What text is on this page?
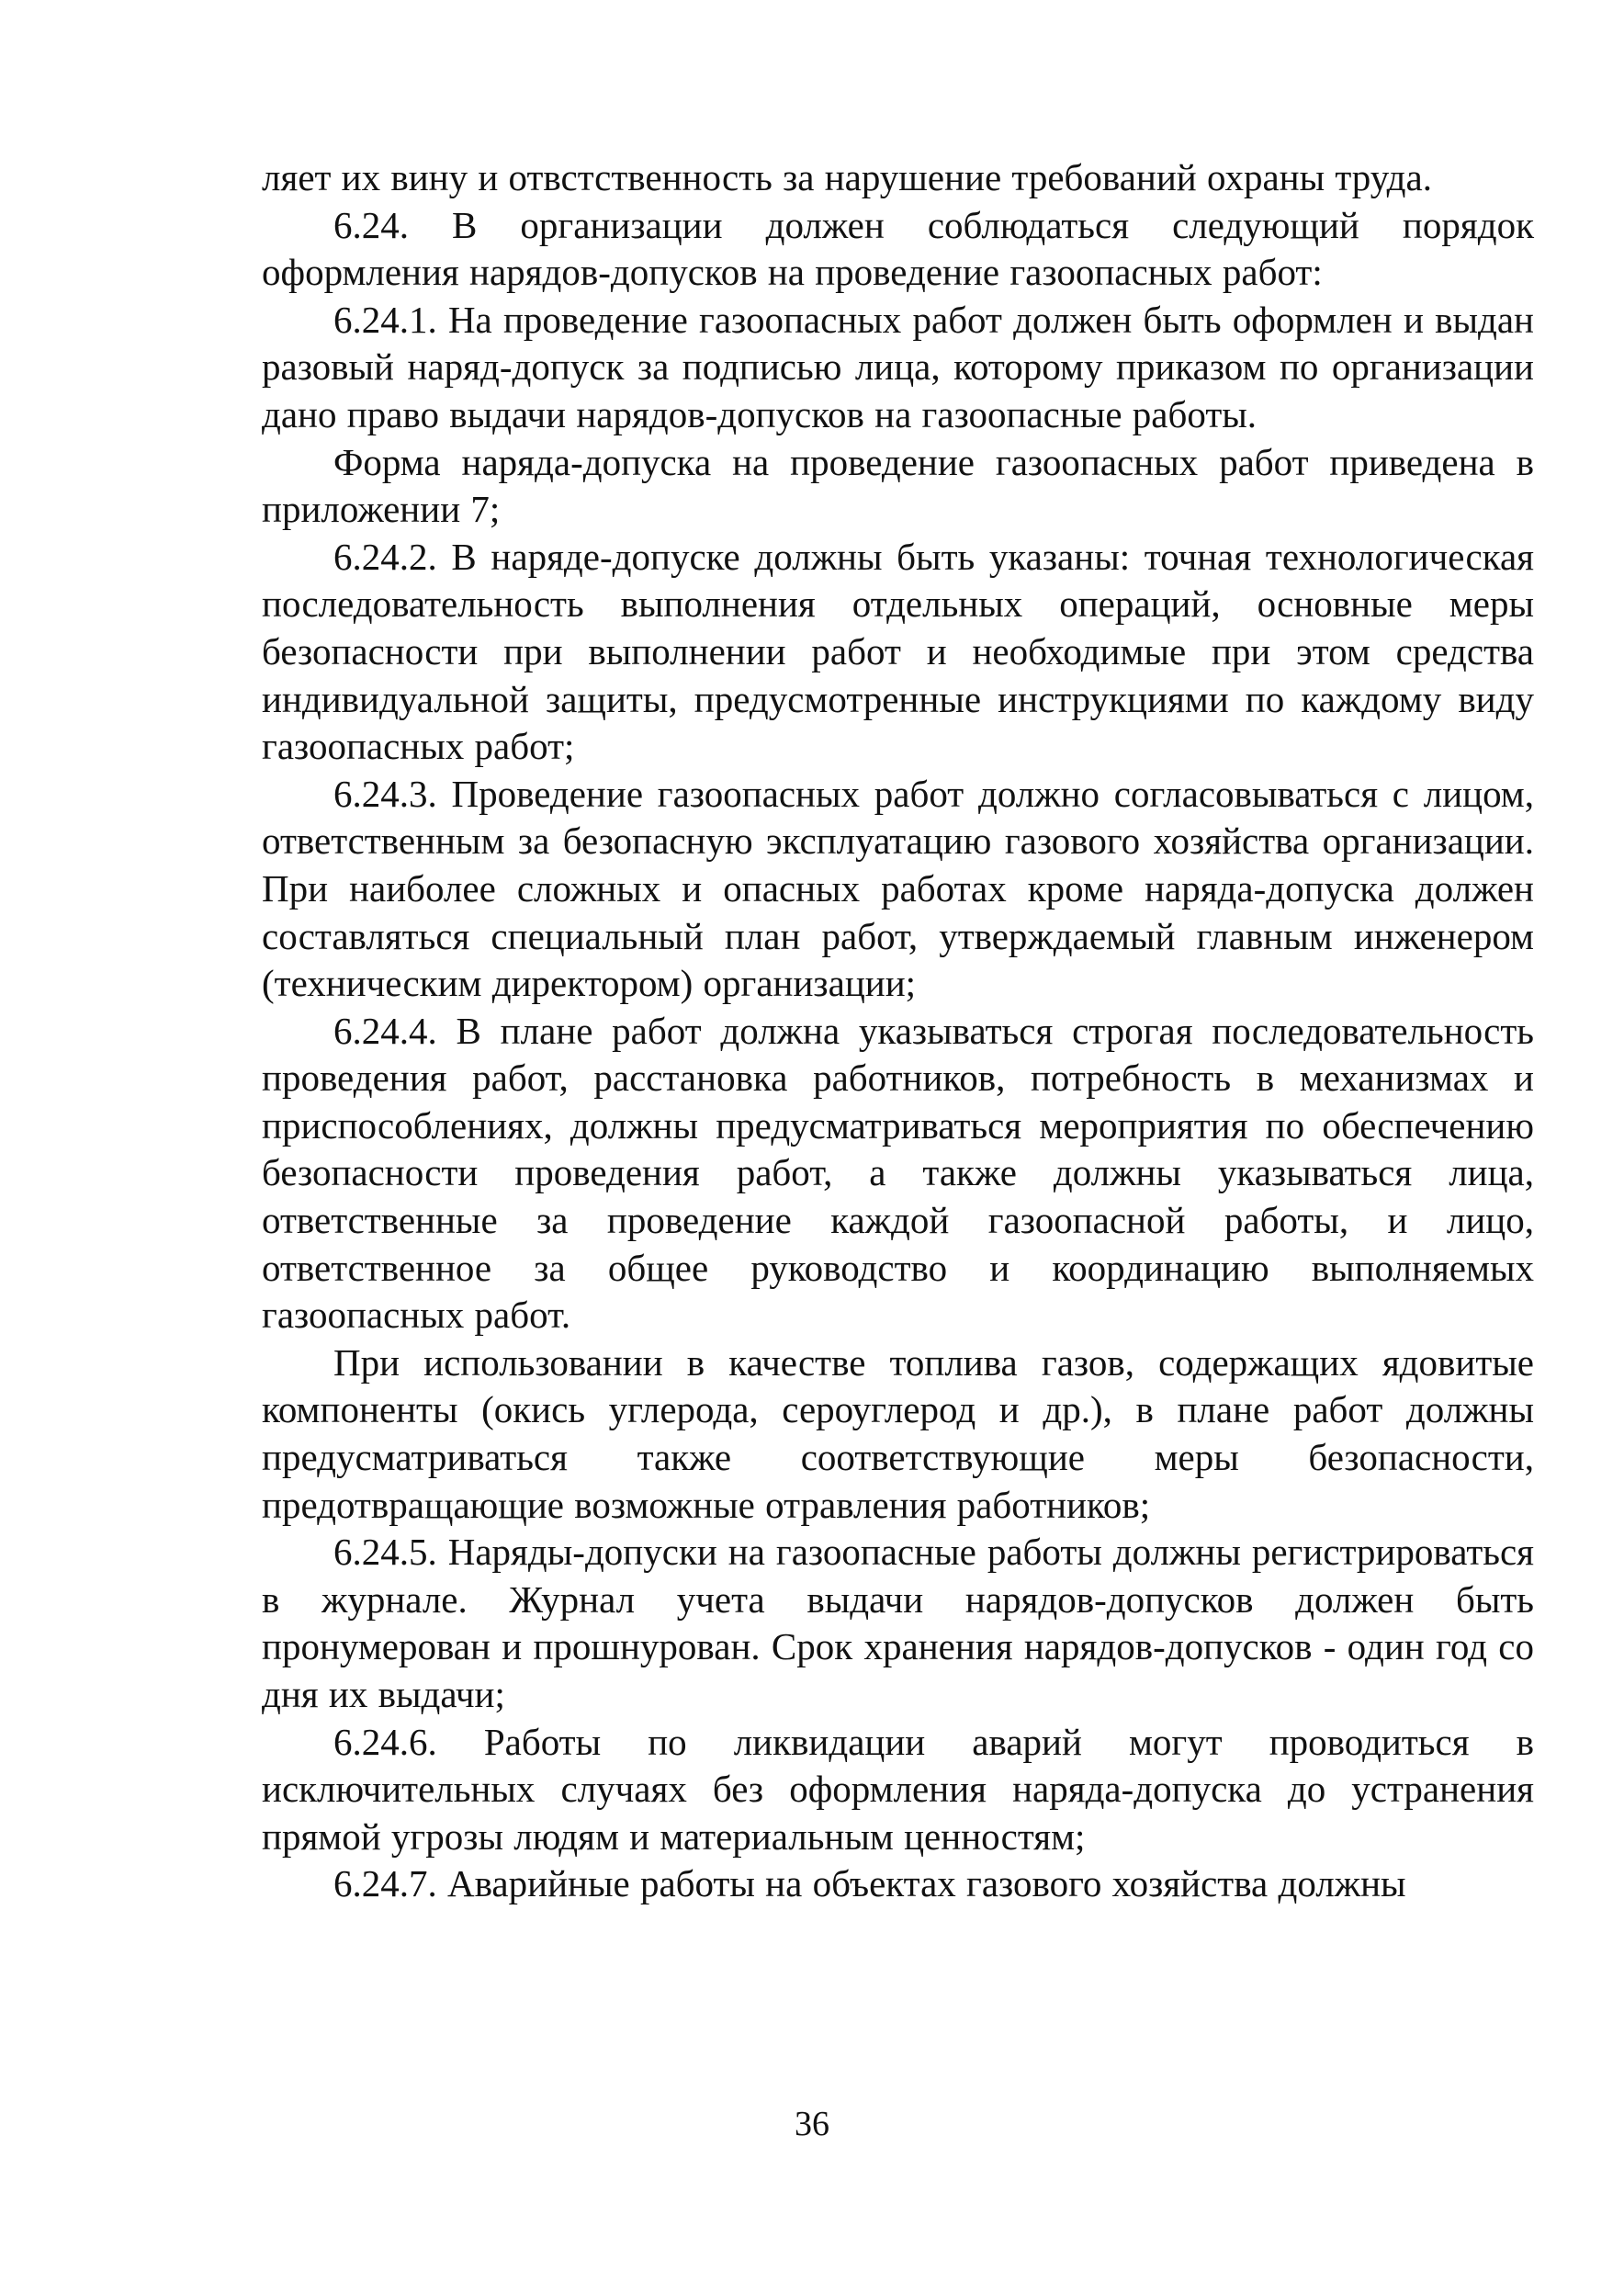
ляет их вину и отвстственность за нарушение требований охраны труда.

6.24. В организации должен соблюдаться следующий порядок оформления нарядов-допусков на проведение газоопасных работ:

6.24.1. На проведение газоопасных работ должен быть оформлен и выдан разовый наряд-допуск за подписью лица, которому приказом по организации дано право выдачи нарядов-допусков на газоопасные работы.

Форма наряда-допуска на проведение газоопасных работ приведена в приложении 7;

6.24.2. В наряде-допуске должны быть указаны: точная технологическая последовательность выполнения отдельных операций, основные меры безопасности при выполнении работ и необходимые при этом средства индивидуальной защиты, предусмотренные инструкциями по каждому виду газоопасных работ;

6.24.3. Проведение газоопасных работ должно согласовываться с лицом, ответственным за безопасную эксплуатацию газового хозяйства организации. При наиболее сложных и опасных работах кроме наряда-допуска должен составляться специальный план работ, утверждаемый главным инженером (техническим директором) организации;

6.24.4. В плане работ должна указываться строгая последовательность проведения работ, расстановка работников, потребность в механизмах и приспособлениях, должны предусматриваться мероприятия по обеспечению безопасности проведения работ, а также должны указываться лица, ответственные за проведение каждой газоопасной работы, и лицо, ответственное за общее руководство и координацию выполняемых газоопасных работ.

При использовании в качестве топлива газов, содержащих ядовитые компоненты (окись углерода, сероуглерод и др.), в плане работ должны предусматриваться также соответствующие меры безопасности, предотвращающие возможные отравления работников;

6.24.5. Наряды-допуски на газоопасные работы должны регистрироваться в журнале. Журнал учета выдачи нарядов-допусков должен быть пронумерован и прошнурован. Срок хранения нарядов-допусков - один год со дня их выдачи;

6.24.6. Работы по ликвидации аварий могут проводиться в исключительных случаях без оформления наряда-допуска до устранения прямой угрозы людям и материальным ценностям;

6.24.7. Аварийные работы на объектах газового хозяйства должны

36
